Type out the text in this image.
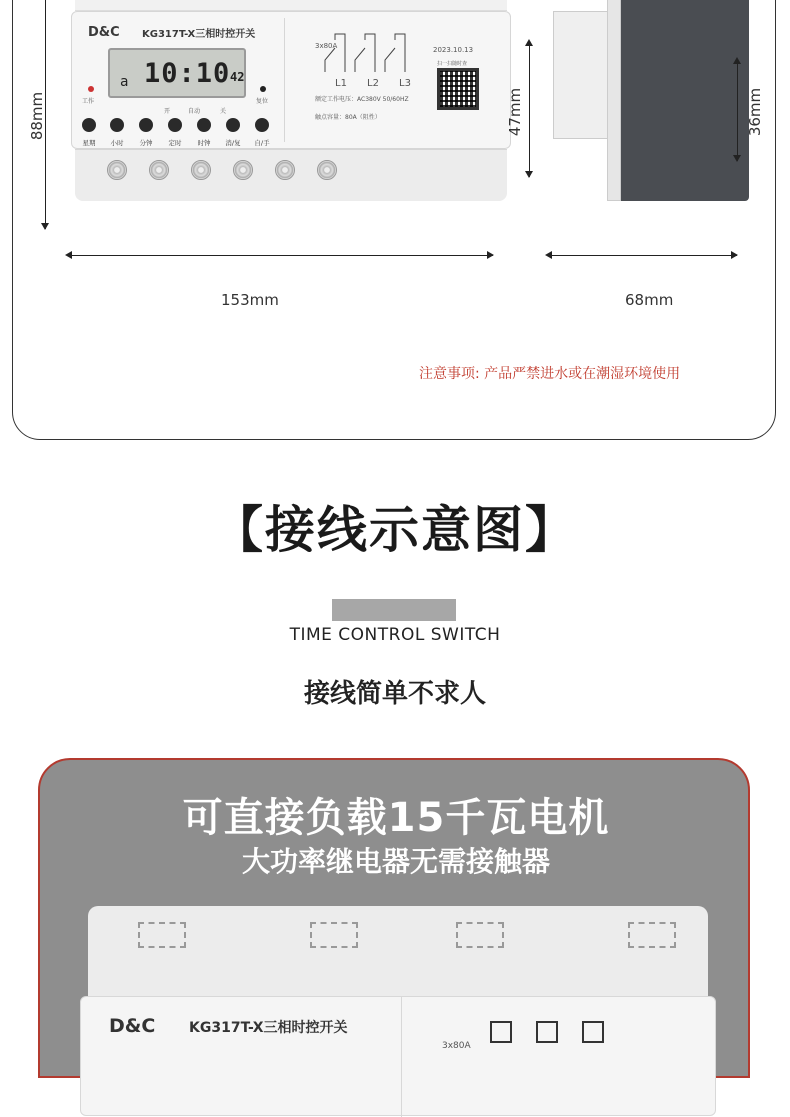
D&C KG317T-X三相时控开关
a 10:10 42
工作	复位
开	自动	关
星期	小时	分钟	定时	时钟	消/复	自/手
3x80A
L1 L2 L3
2023.10.13
扫一扫随时查
额定工作电压：AC380V 50/60HZ
触点容量：80A（阻性）
88mm
153mm	68mm
47mm	36mm
注意事项: 产品严禁进水或在潮湿环境使用
【接线示意图】
TIME CONTROL SWITCH
接线简单不求人
可直接负载15千瓦电机
大功率继电器无需接触器
D&C KG317T-X三相时控开关
3x80A
